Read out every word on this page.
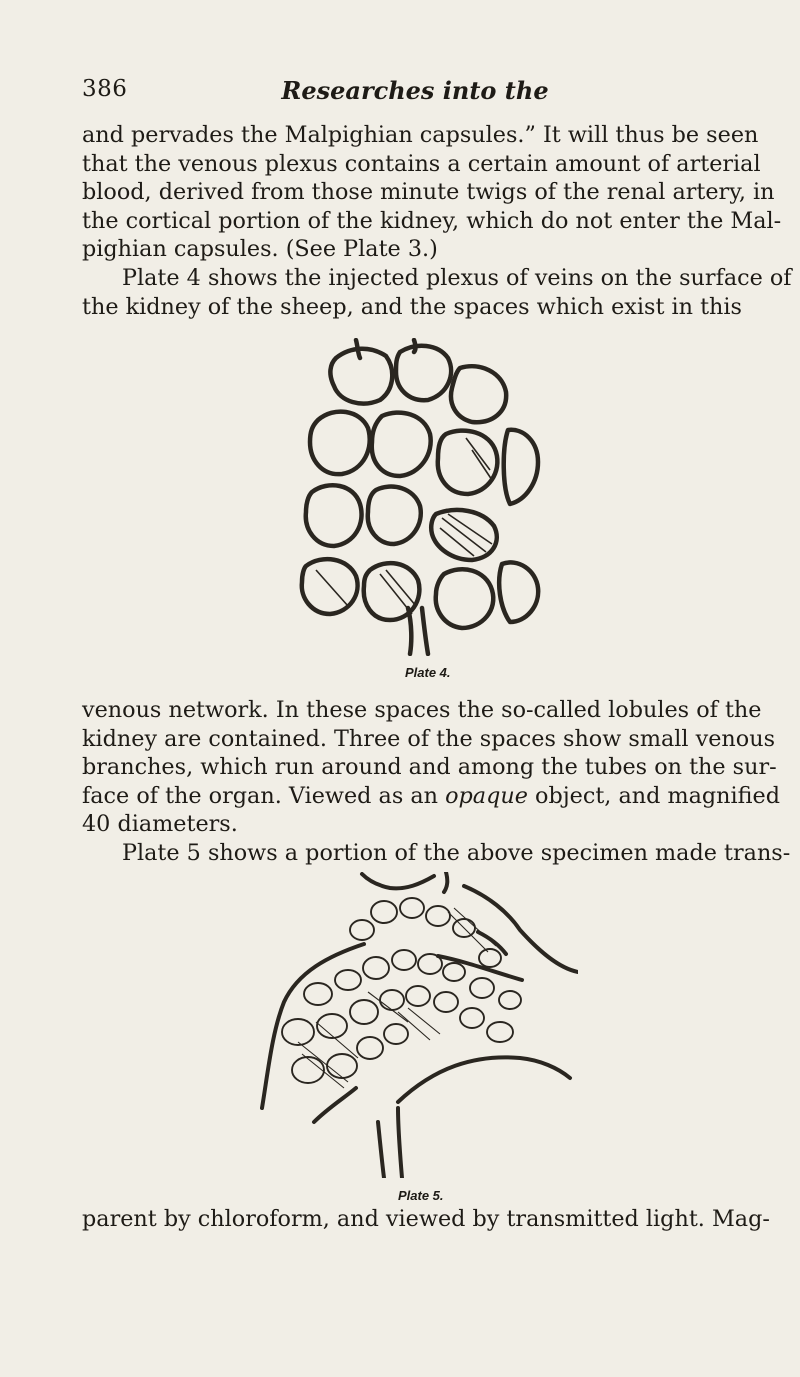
386	Researches into the
and pervades the Malpighian capsules.” It will thus be seen
that the venous plexus contains a certain amount of arterial
blood, derived from those minute twigs of the renal artery, in
the cortical portion of the kidney, which do not enter the Mal-
pighian capsules. (See Plate 3.)
Plate 4 shows the injected plexus of veins on the surface of
the kidney of the sheep, and the spaces which exist in this
Plate 4.
venous network. In these spaces the so-called lobules of the
kidney are contained. Three of the spaces show small venous
branches, which run around and among the tubes on the sur-
face of the organ. Viewed as an opaque object, and magnified
40 diameters.
Plate 5 shows a portion of the above specimen made trans-
Plate 5.
parent by chloroform, and viewed by transmitted light. Mag-
